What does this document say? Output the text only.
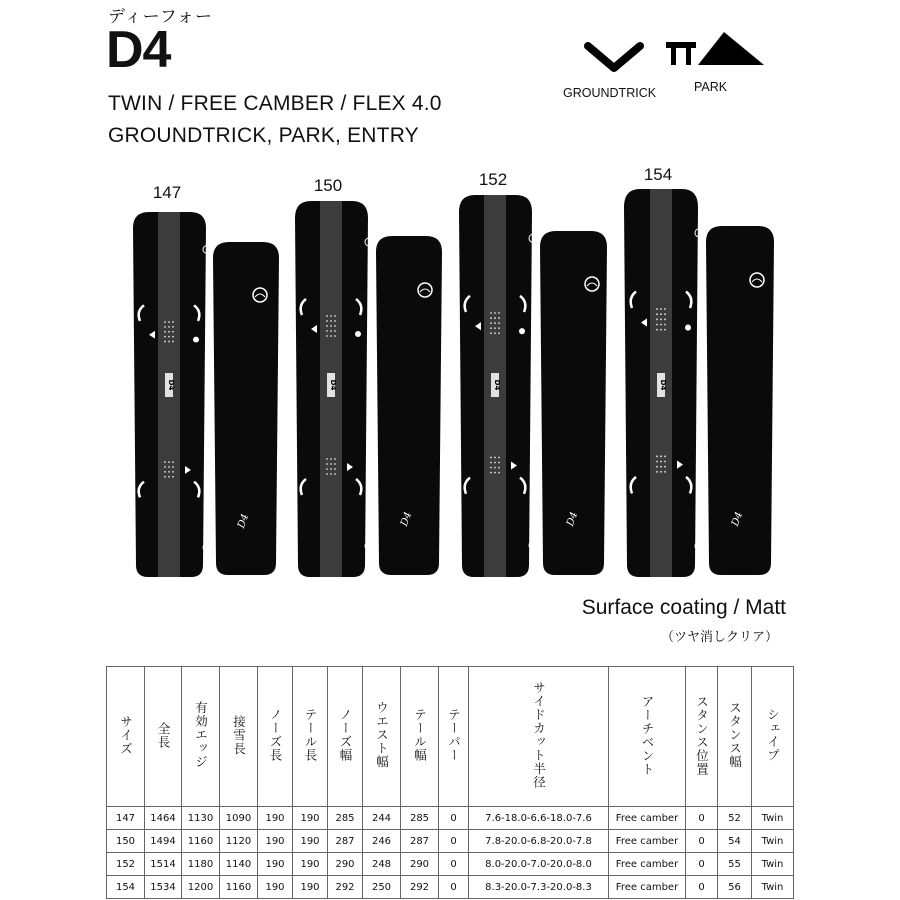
ディーフォー
D4
TWIN / FREE CAMBER / FLEX 4.0
GROUNDTRICK, PARK, ENTRY
GROUNDTRICK	PARK
147	150	152	154
D4
D4
D4
D4
D4
D4
D4
D4
Surface coating / Matt
（ツヤ消しクリア）
サイズ	全長	有効エッジ	接雪長	ノーズ長	テール長	ノーズ幅	ウエスト幅	テール幅	テーパー	サイドカット半径	アーチベント	スタンス位置	スタンス幅	シェイプ
147	1464	1130	1090	190	190	285	244	285	0	7.6-18.0-6.6-18.0-7.6	Free camber	0	52	Twin
150	1494	1160	1120	190	190	287	246	287	0	7.8-20.0-6.8-20.0-7.8	Free camber	0	54	Twin
152	1514	1180	1140	190	190	290	248	290	0	8.0-20.0-7.0-20.0-8.0	Free camber	0	55	Twin
154	1534	1200	1160	190	190	292	250	292	0	8.3-20.0-7.3-20.0-8.3	Free camber	0	56	Twin
